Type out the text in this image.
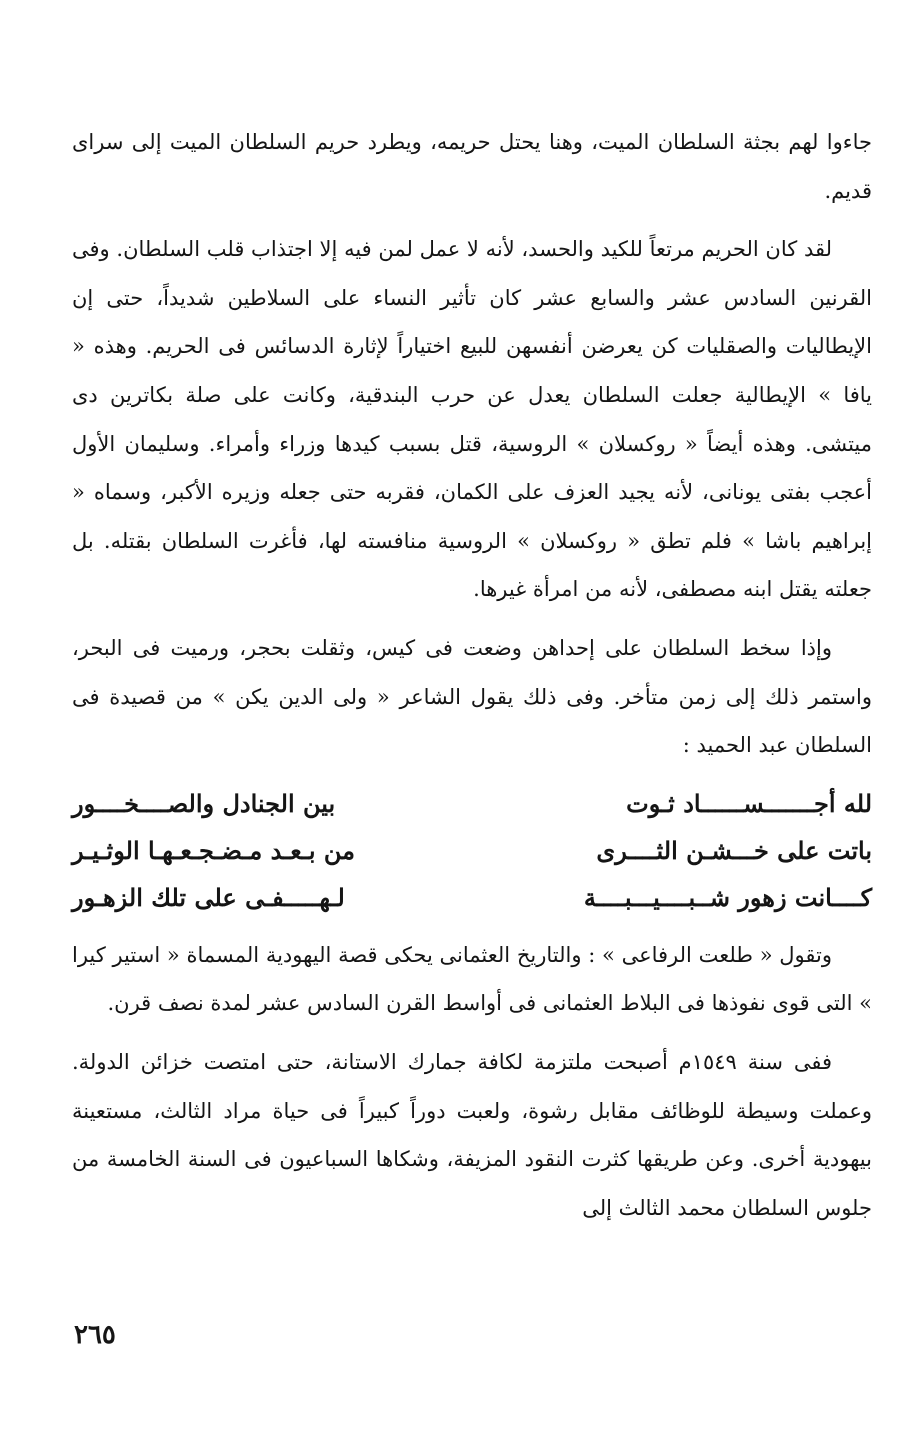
جاءوا لهم بجثة السلطان الميت، وهنا يحتل حريمه، ويطرد حريم السلطان الميت إلى سراى قديم.

لقد كان الحريم مرتعاً للكيد والحسد، لأنه لا عمل لمن فيه إلا اجتذاب قلب السلطان. وفى القرنين السادس عشر والسابع عشر كان تأثير النساء على السلاطين شديداً، حتى إن الإيطاليات والصقليات كن يعرضن أنفسهن للبيع اختياراً لإثارة الدسائس فى الحريم. وهذه « يافا » الإيطالية جعلت السلطان يعدل عن حرب البندقية، وكانت على صلة بكاترين دى ميتشى. وهذه أيضاً « روكسلان » الروسية، قتل بسبب كيدها وزراء وأمراء. وسليمان الأول أعجب بفتى يونانى، لأنه يجيد العزف على الكمان، فقربه حتى جعله وزيره الأكبر، وسماه « إبراهيم باشا » فلم تطق « روكسلان » الروسية منافسته لها، فأغرت السلطان بقتله. بل جعلته يقتل ابنه مصطفى، لأنه من امرأة غيرها.

وإذا سخط السلطان على إحداهن وضعت فى كيس، وثقلت بحجر، ورميت فى البحر، واستمر ذلك إلى زمن متأخر. وفى ذلك يقول الشاعر « ولى الدين يكن » من قصيدة فى السلطان عبد الحميد :

لله أجـــــــســــــاد ثـوت
بين الجنادل والصــــخــــور
باتت على خـــشـن الثــــرى
من بـعـد مـضـجـعـهـا الوثـيـر
كــــانت زهور شــبــــيـــبــــة
لـهـــــفـى على تلك الزهـور

وتقول « طلعت الرفاعى » : والتاريخ العثمانى يحكى قصة اليهودية المسماة « استير كيرا » التى قوى نفوذها فى البلاط العثمانى فى أواسط القرن السادس عشر لمدة نصف قرن.

ففى سنة ١٥٤٩م أصبحت ملتزمة لكافة جمارك الاستانة، حتى امتصت خزائن الدولة. وعملت وسيطة للوظائف مقابل رشوة، ولعبت دوراً كبيراً فى حياة مراد الثالث، مستعينة بيهودية أخرى. وعن طريقها كثرت النقود المزيفة، وشكاها السباعيون فى السنة الخامسة من جلوس السلطان محمد الثالث إلى

٢٦٥
